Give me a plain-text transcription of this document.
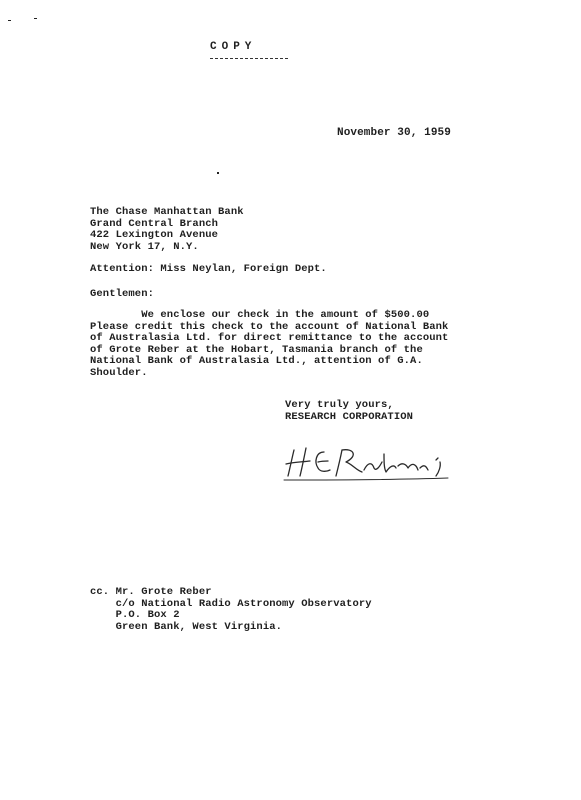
COPY
November 30, 1959
The Chase Manhattan Bank
Grand Central Branch
422 Lexington Avenue
New York 17, N.Y.
Attention: Miss Neylan, Foreign Dept.
Gentlemen:
We enclose our check in the amount of $500.00
Please credit this check to the account of National Bank
of Australasia Ltd. for direct remittance to the account
of Grote Reber at the Hobart, Tasmania branch of the
National Bank of Australasia Ltd., attention of G.A.
Shoulder.
Very truly yours,
RESEARCH CORPORATION
cc. Mr. Grote Reber
c/o National Radio Astronomy Observatory
P.O. Box 2
Green Bank, West Virginia.
